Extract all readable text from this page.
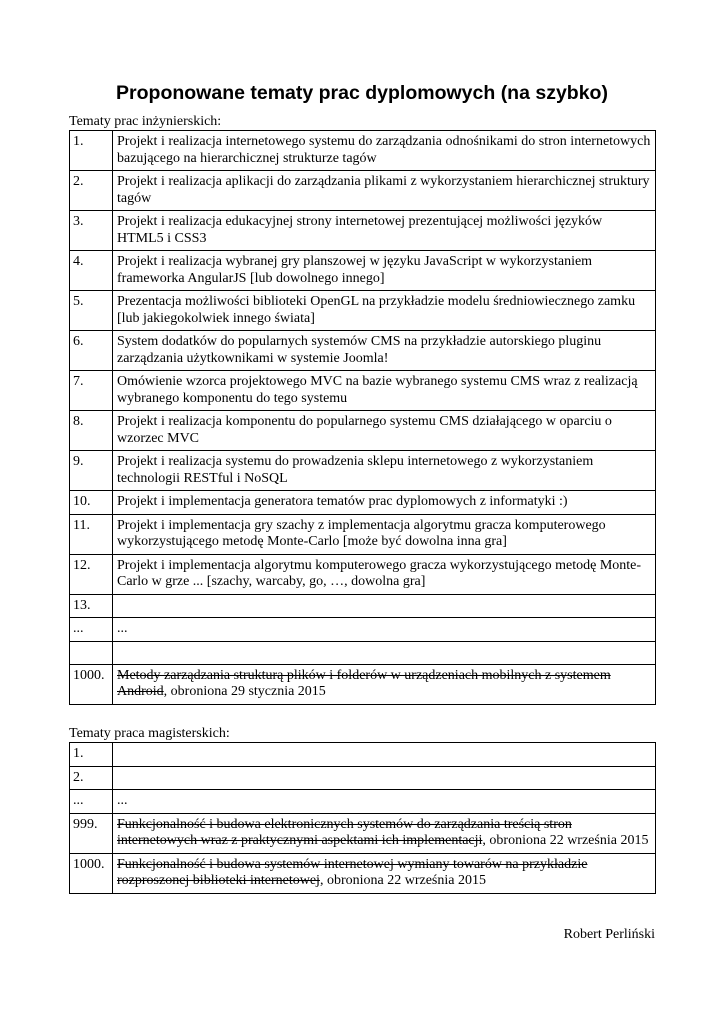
Proponowane tematy prac dyplomowych (na szybko)

Tematy prac inżynierskich:

1.	Projekt i realizacja internetowego systemu do zarządzania odnośnikami do stron internetowych bazującego na hierarchicznej strukturze tagów
2.	Projekt i realizacja aplikacji do zarządzania plikami z wykorzystaniem hierarchicznej struktury tagów
3.	Projekt i realizacja edukacyjnej strony internetowej prezentującej możliwości języków HTML5 i CSS3
4.	Projekt i realizacja wybranej gry planszowej w języku JavaScript w wykorzystaniem frameworka AngularJS [lub dowolnego innego]
5.	Prezentacja możliwości biblioteki OpenGL na przykładzie modelu średniowiecznego zamku [lub jakiegokolwiek innego świata]
6.	System dodatków do popularnych systemów CMS na przykładzie autorskiego pluginu zarządzania użytkownikami w systemie Joomla!
7.	Omówienie wzorca projektowego MVC na bazie wybranego systemu CMS wraz z realizacją wybranego komponentu do tego systemu
8.	Projekt i realizacja komponentu do popularnego systemu CMS działającego w oparciu o wzorzec MVC
9.	Projekt i realizacja systemu do prowadzenia sklepu internetowego z wykorzystaniem technologii RESTful i NoSQL
10.	Projekt i implementacja generatora tematów prac dyplomowych z informatyki :)
11.	Projekt i implementacja gry szachy z implementacja algorytmu gracza komputerowego wykorzystującego metodę Monte-Carlo [może być dowolna inna gra]
12.	Projekt i implementacja algorytmu komputerowego gracza wykorzystującego metodę Monte-Carlo w grze ... [szachy, warcaby, go, …, dowolna gra]
13.	
...	...

1000.	Metody zarządzania strukturą plików i folderów w urządzeniach mobilnych z systemem Android, obroniona 29 stycznia 2015

Tematy praca magisterskich:

1.	
2.	
...	...
999.	Funkcjonalność i budowa elektronicznych systemów do zarządzania treścią stron internetowych wraz z praktycznymi aspektami ich implementacji, obroniona 22 września 2015
1000.	Funkcjonalność i budowa systemów internetowej wymiany towarów na przykładzie rozproszonej biblioteki internetowej, obroniona 22 września 2015

Robert Perliński
